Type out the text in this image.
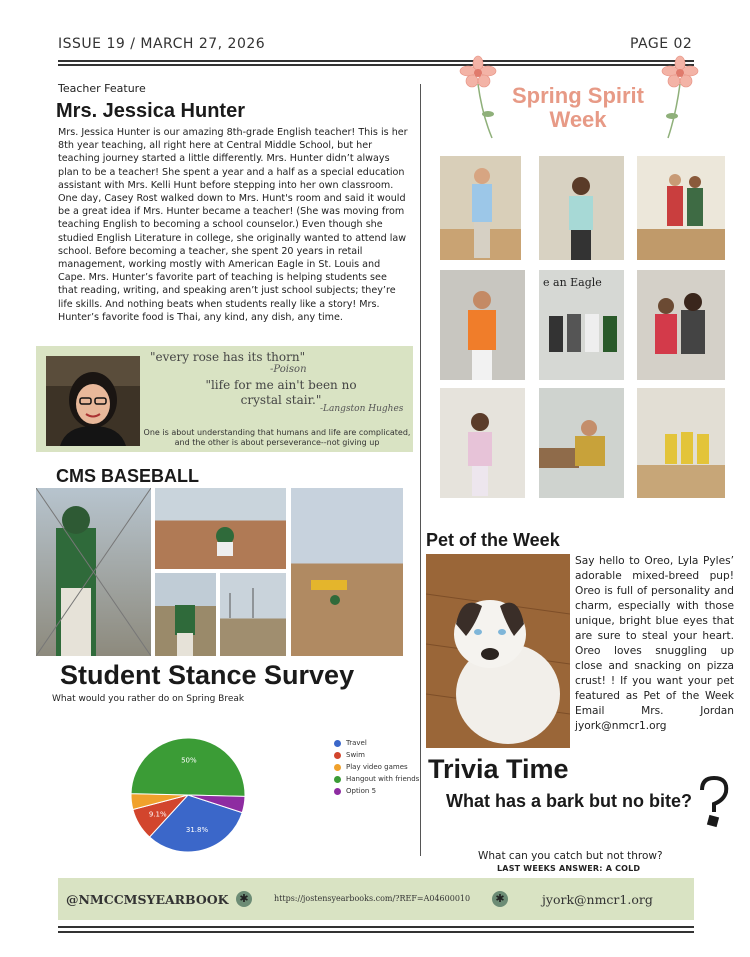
ISSUE 19 / MARCH 27, 2026	PAGE 02
Teacher Feature
Mrs. Jessica Hunter
Mrs. Jessica Hunter is our amazing 8th-grade English teacher! This is her 8th year teaching, all right here at Central Middle School, but her teaching journey started a little differently. Mrs. Hunter didn’t always plan to be a teacher! She spent a year and a half as a special education assistant with Mrs. Kelli Hunt before stepping into her own classroom. One day, Casey Rost walked down to Mrs. Hunt's room and said it would be a great idea if Mrs. Hunter became a teacher! (She was moving from teaching English to becoming a school counselor.) Even though she studied English Literature in college, she originally wanted to attend law school. Before becoming a teacher, she spent 20 years in retail management, working mostly with American Eagle in St. Louis and Cape. Mrs. Hunter’s favorite part of teaching is helping students see that reading, writing, and speaking aren’t just school subjects; they’re life skills. And nothing beats when students really like a story! Mrs. Hunter’s favorite food is Thai, any kind, any dish, any time.
"every rose has its thorn"
-Poison
"life for me ain't been no crystal stair."
-Langston Hughes
One is about understanding that humans and life are complicated, and the other is about perseverance--not giving up
CMS BASEBALL
Student Stance Survey
What would you rather do on Spring Break
31.8%
9.1%
50%
Travel
Swim
Play video games
Hangout with friends
Option 5
Spring Spirit Week
e an Eagle
Pet of the Week
Say hello to Oreo, Lyla Pyles’ adorable mixed-breed pup! Oreo is full of personality and charm, especially with those unique, bright blue eyes that are sure to steal your heart. Oreo loves snuggling up close and snacking on pizza crust! ! If you want your pet featured as Pet of the Week Email Mrs. Jordan jyork@nmcr1.org
Trivia Time
What has a bark but no bite?
What can you catch but not throw?
LAST WEEKS ANSWER: A COLD
@NMCCMSYEARBOOK ✱	https://jostensyearbooks.com/?REF=A04600010	✱	jyork@nmcr1.org
